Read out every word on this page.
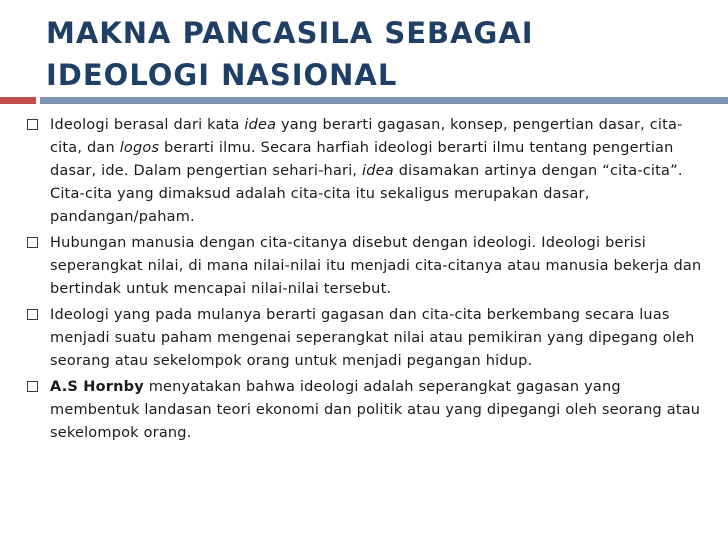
MAKNA PANCASILA SEBAGAI IDEOLOGI NASIONAL
Ideologi berasal dari kata idea yang berarti gagasan, konsep, pengertian dasar, cita-cita, dan logos berarti ilmu. Secara harfiah ideologi berarti ilmu tentang pengertian dasar, ide. Dalam pengertian sehari-hari, idea disamakan artinya dengan “cita-cita”. Cita-cita yang dimaksud adalah cita-cita itu sekaligus merupakan dasar, pandangan/paham.
Hubungan manusia dengan cita-citanya disebut dengan ideologi. Ideologi berisi seperangkat nilai, di mana nilai-nilai itu menjadi cita-citanya atau manusia bekerja dan bertindak untuk mencapai nilai-nilai tersebut.
Ideologi yang pada mulanya berarti gagasan dan cita-cita berkembang secara luas menjadi suatu paham mengenai seperangkat nilai atau pemikiran yang dipegang oleh seorang atau sekelompok orang untuk menjadi pegangan hidup.
A.S Hornby menyatakan bahwa ideologi adalah seperangkat gagasan yang membentuk landasan teori ekonomi dan politik atau yang dipegangi oleh seorang atau sekelompok orang.
